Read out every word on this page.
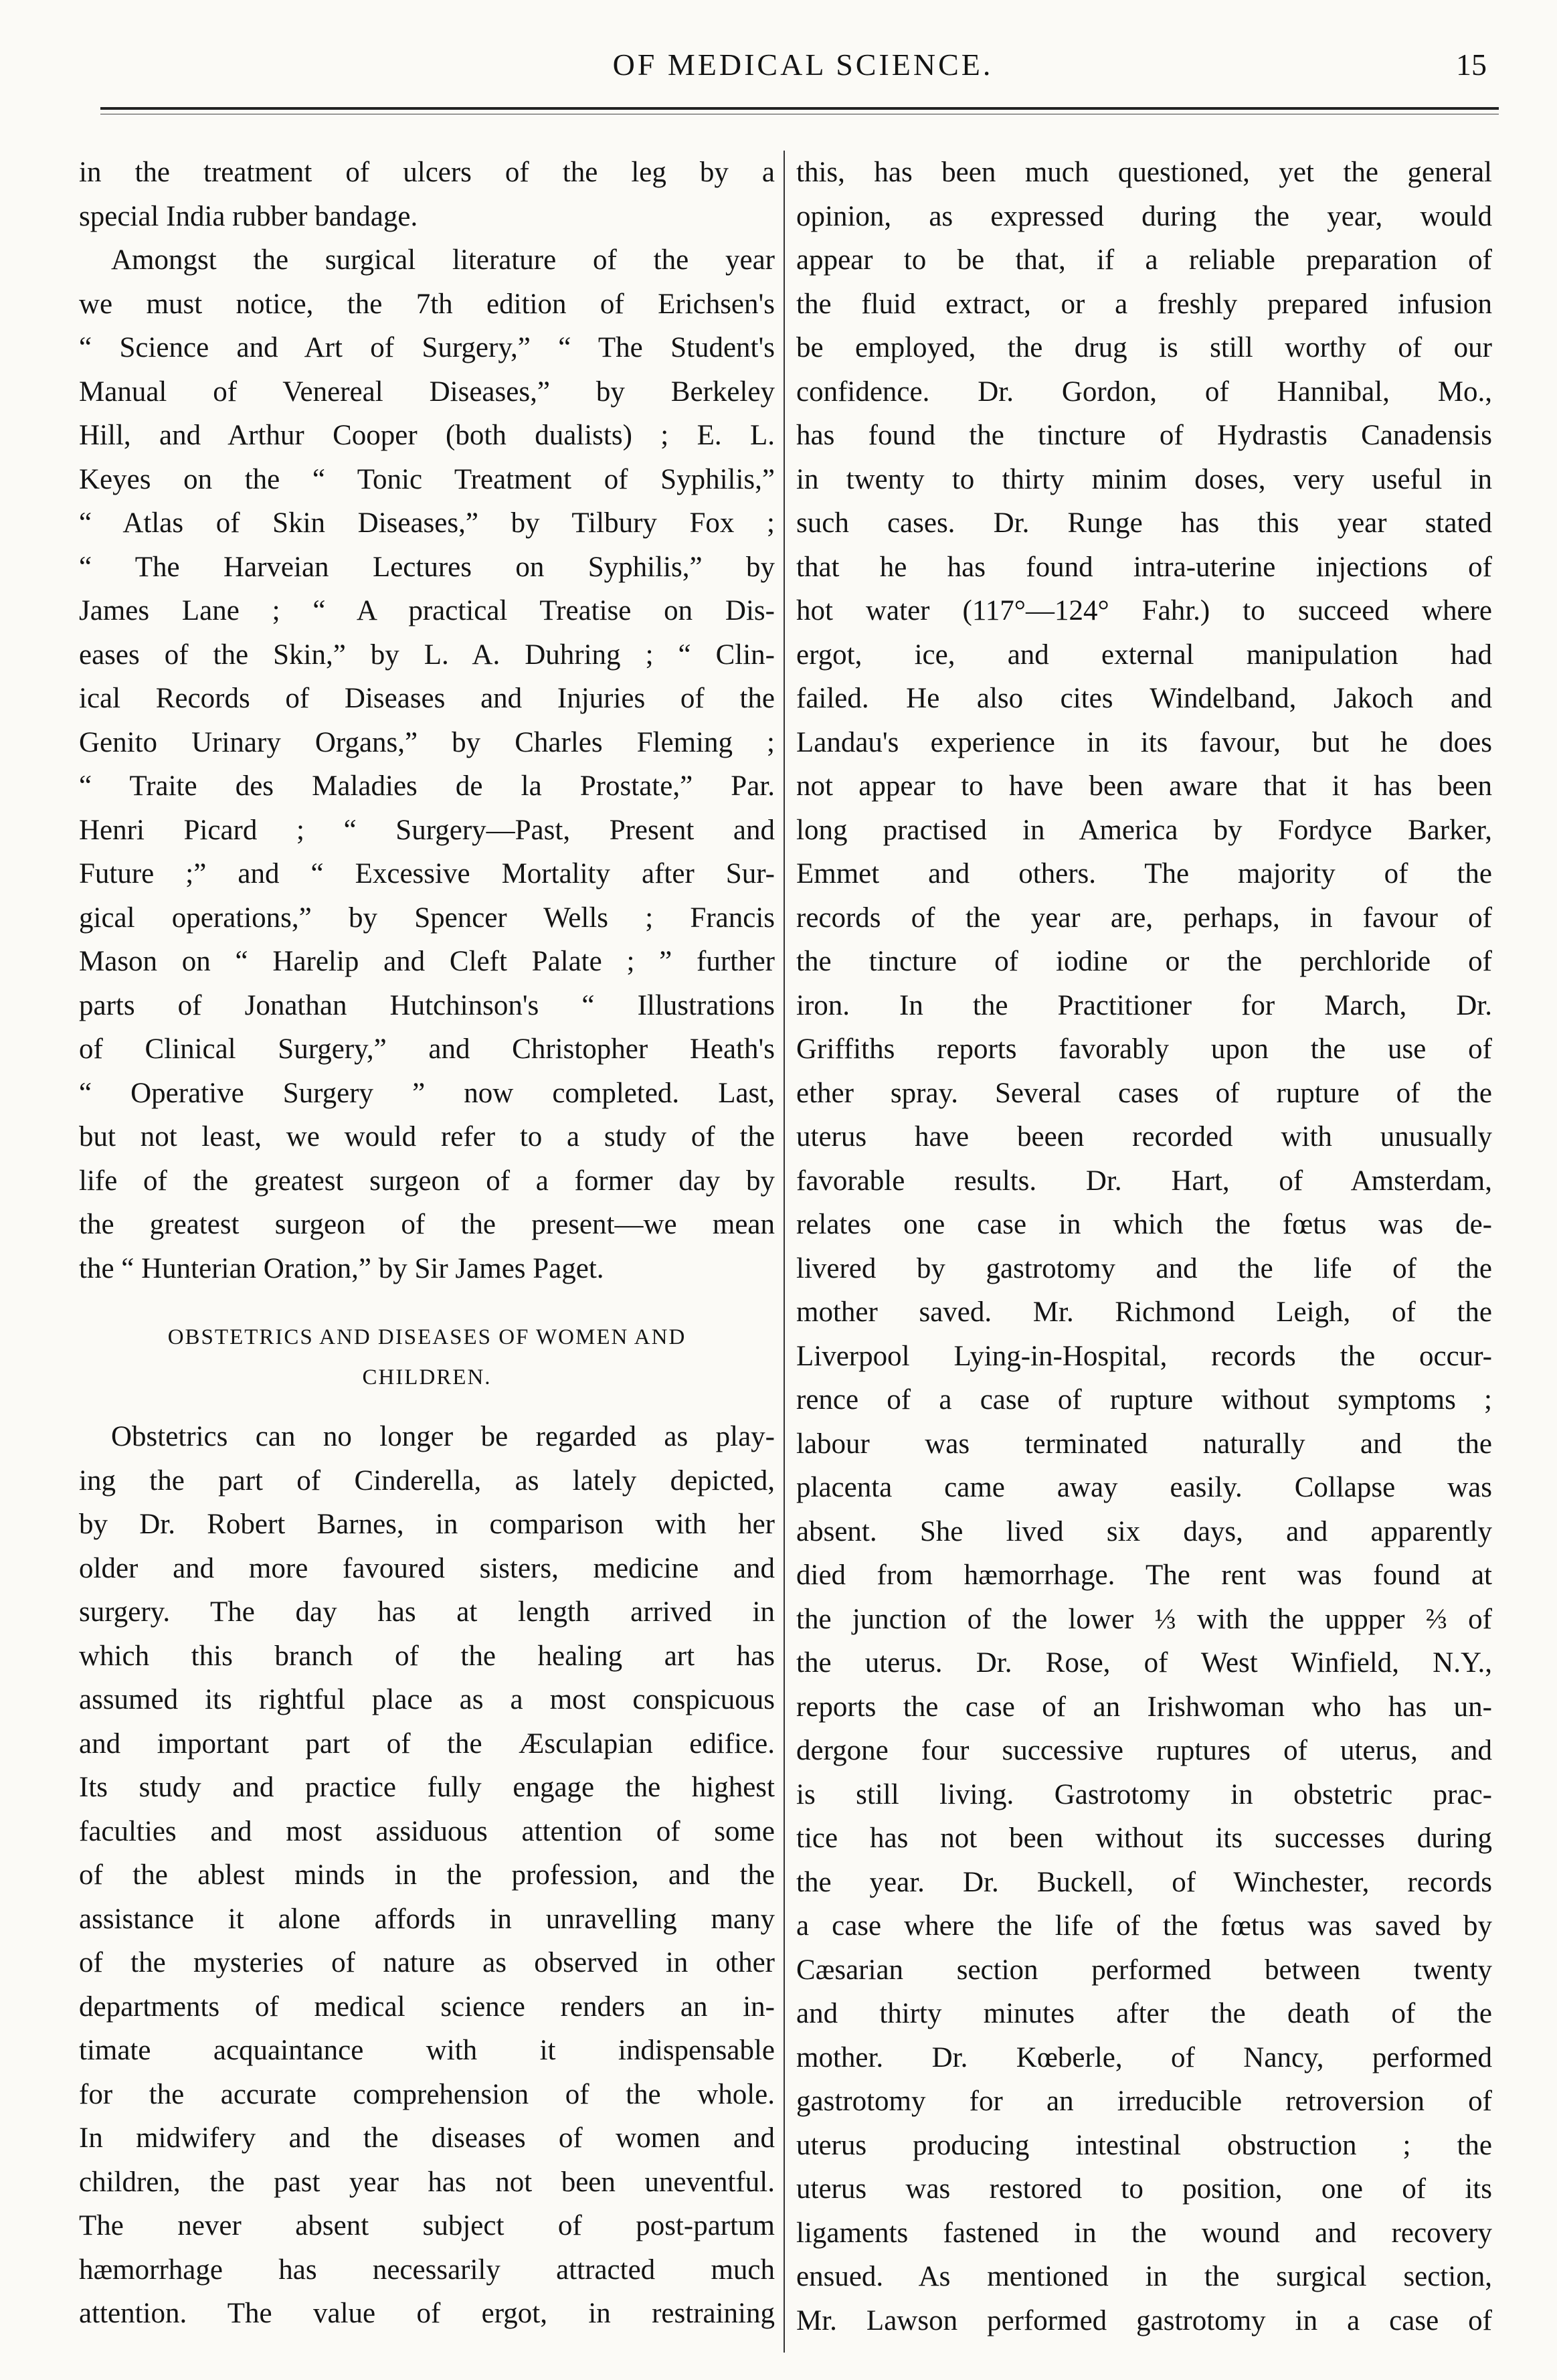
OF MEDICAL SCIENCE.	15
in the treatment of ulcers of the leg by a
special India rubber bandage.
Amongst the surgical literature of the year
we must notice, the 7th edition of Erichsen's
“ Science and Art of Surgery,” “ The Student's
Manual of Venereal Diseases,” by Berkeley
Hill, and Arthur Cooper (both dualists) ; E. L.
Keyes on the “ Tonic Treatment of Syphilis,”
“ Atlas of Skin Diseases,” by Tilbury Fox ;
“ The Harveian Lectures on Syphilis,” by
James Lane ; “ A practical Treatise on Dis-
eases of the Skin,” by L. A. Duhring ; “ Clin-
ical Records of Diseases and Injuries of the
Genito Urinary Organs,” by Charles Fleming ;
“ Traite des Maladies de la Prostate,” Par.
Henri Picard ; “ Surgery—Past, Present and
Future ;” and “ Excessive Mortality after Sur-
gical operations,” by Spencer Wells ; Francis
Mason on “ Harelip and Cleft Palate ; ” further
parts of Jonathan Hutchinson's “ Illustrations
of Clinical Surgery,” and Christopher Heath's
“ Operative Surgery ” now completed. Last,
but not least, we would refer to a study of the
life of the greatest surgeon of a former day by
the greatest surgeon of the present—we mean
the “ Hunterian Oration,” by Sir James Paget.
OBSTETRICS AND DISEASES OF WOMEN AND
CHILDREN.
Obstetrics can no longer be regarded as play-
ing the part of Cinderella, as lately depicted,
by Dr. Robert Barnes, in comparison with her
older and more favoured sisters, medicine and
surgery. The day has at length arrived in
which this branch of the healing art has
assumed its rightful place as a most conspicuous
and important part of the Æsculapian edifice.
Its study and practice fully engage the highest
faculties and most assiduous attention of some
of the ablest minds in the profession, and the
assistance it alone affords in unravelling many
of the mysteries of nature as observed in other
departments of medical science renders an in-
timate acquaintance with it indispensable
for the accurate comprehension of the whole.
In midwifery and the diseases of women and
children, the past year has not been uneventful.
The never absent subject of post-partum
hæmorrhage has necessarily attracted much
attention. The value of ergot, in restraining
this, has been much questioned, yet the general
opinion, as expressed during the year, would
appear to be that, if a reliable preparation of
the fluid extract, or a freshly prepared infusion
be employed, the drug is still worthy of our
confidence. Dr. Gordon, of Hannibal, Mo.,
has found the tincture of Hydrastis Canadensis
in twenty to thirty minim doses, very useful in
such cases. Dr. Runge has this year stated
that he has found intra-uterine injections of
hot water (117°—124° Fahr.) to succeed where
ergot, ice, and external manipulation had
failed. He also cites Windelband, Jakoch and
Landau's experience in its favour, but he does
not appear to have been aware that it has been
long practised in America by Fordyce Barker,
Emmet and others. The majority of the
records of the year are, perhaps, in favour of
the tincture of iodine or the perchloride of
iron. In the Practitioner for March, Dr.
Griffiths reports favorably upon the use of
ether spray. Several cases of rupture of the
uterus have beeen recorded with unusually
favorable results. Dr. Hart, of Amsterdam,
relates one case in which the fœtus was de-
livered by gastrotomy and the life of the
mother saved. Mr. Richmond Leigh, of the
Liverpool Lying-in-Hospital, records the occur-
rence of a case of rupture without symptoms ;
labour was terminated naturally and the
placenta came away easily. Collapse was
absent. She lived six days, and apparently
died from hæmorrhage. The rent was found at
the junction of the lower ⅓ with the uppper ⅔ of
the uterus. Dr. Rose, of West Winfield, N.Y.,
reports the case of an Irishwoman who has un-
dergone four successive ruptures of uterus, and
is still living. Gastrotomy in obstetric prac-
tice has not been without its successes during
the year. Dr. Buckell, of Winchester, records
a case where the life of the fœtus was saved by
Cæsarian section performed between twenty
and thirty minutes after the death of the
mother. Dr. Kœberle, of Nancy, performed
gastrotomy for an irreducible retroversion of
uterus producing intestinal obstruction ; the
uterus was restored to position, one of its
ligaments fastened in the wound and recovery
ensued. As mentioned in the surgical section,
Mr. Lawson performed gastrotomy in a case of
